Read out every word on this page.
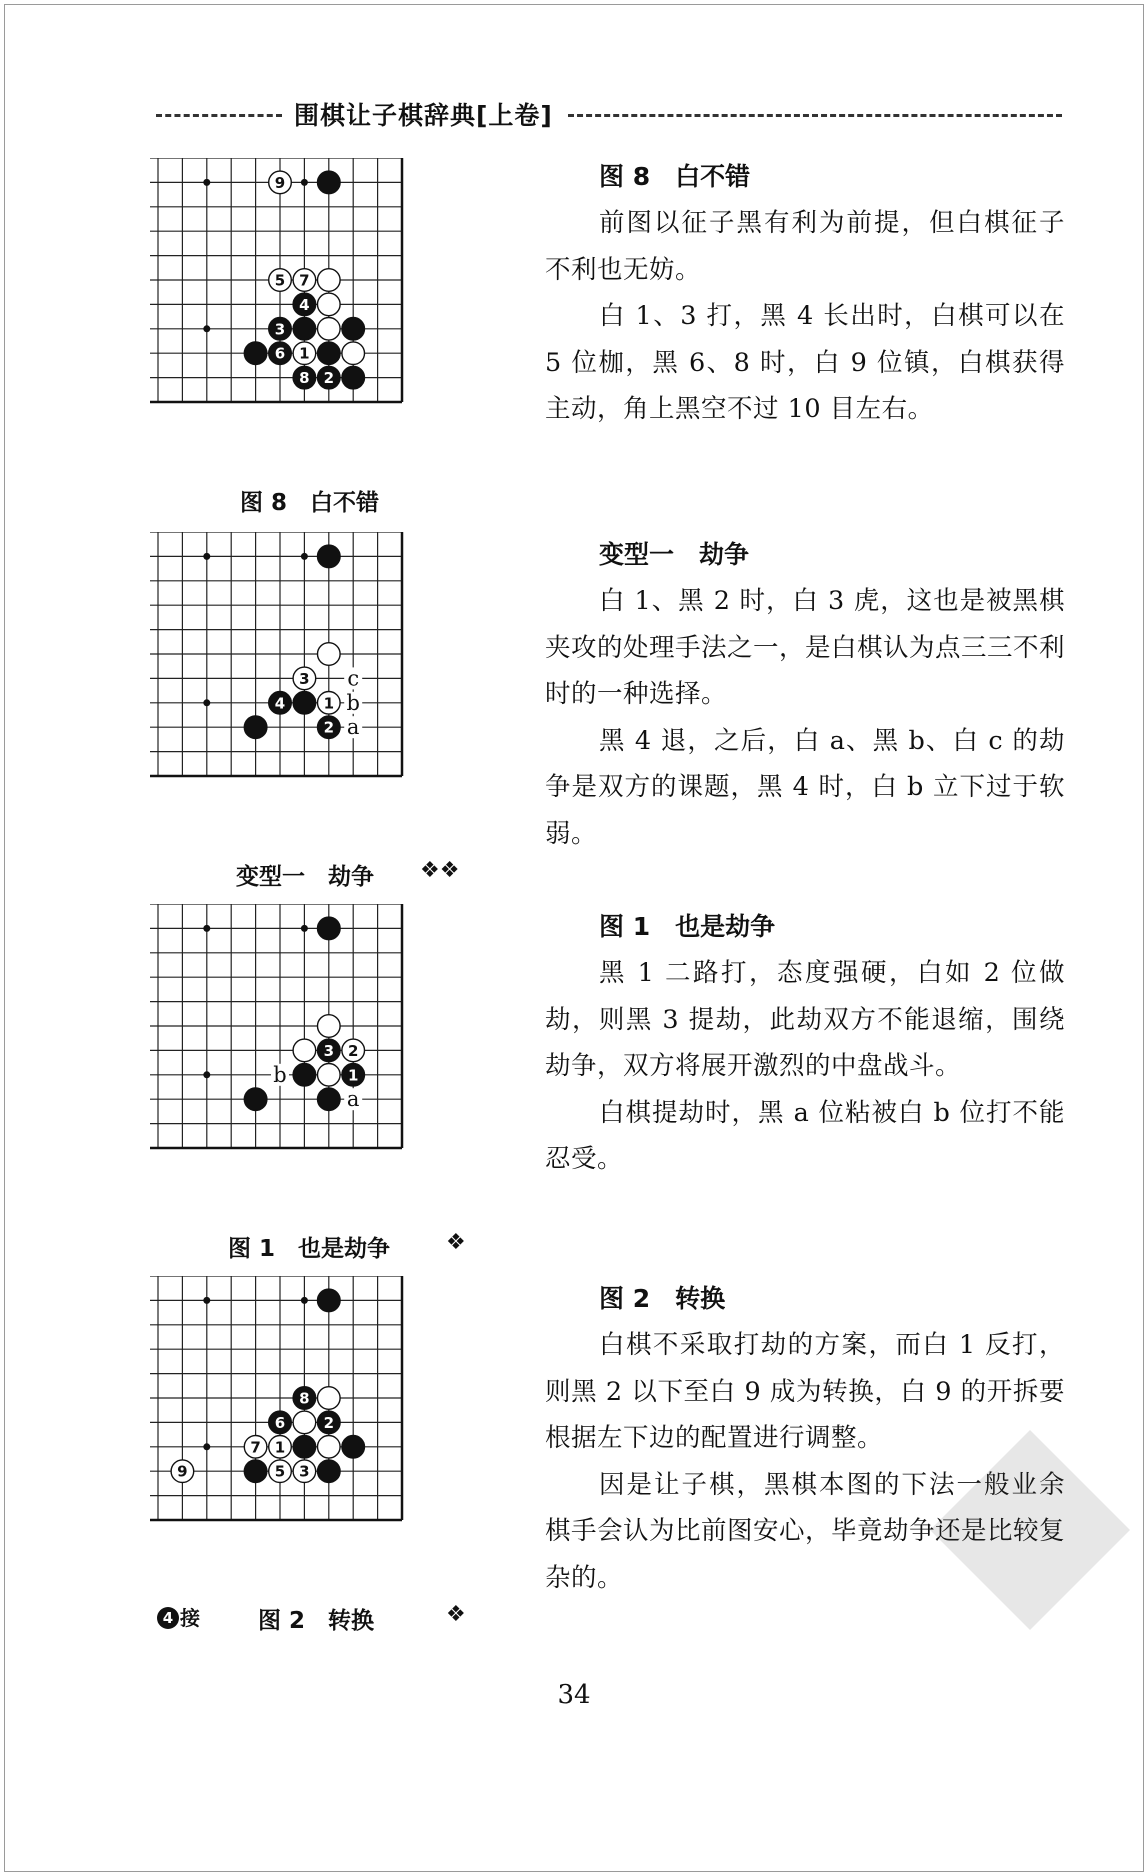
围棋让子棋辞典[上卷]
9
5 7
4
3
6 1
8 2
图 8　白不错
图 8　白不错

前图以征子黑有利为前提，但白棋征子不利也无妨。

白 1、3 打，黑 4 长出时，白棋可以在 5 位枷，黑 6、8 时，白 9 位镇，白棋获得主动，角上黑空不过 10 目左右。

3
4	1
2
c
b
a
变型一　劫争 ❖❖
变型一　劫争

白 1、黑 2 时，白 3 虎，这也是被黑棋夹攻的处理手法之一，是白棋认为点三三不利时的一种选择。

黑 4 退，之后，白 a、黑 b、白 c 的劫争是双方的课题，黑 4 时，白 b 立下过于软弱。

3 2
1
b
a
图 1　也是劫争	❖
图 1　也是劫争

黑 1 二路打，态度强硬，白如 2 位做劫，则黑 3 提劫，此劫双方不能退缩，围绕劫争，双方将展开激烈的中盘战斗。

白棋提劫时，黑 a 位粘被白 b 位打不能忍受。

8
6	2
7 1
9	5 3
4 接	图 2　转换	❖
图 2　转换

白棋不采取打劫的方案，而白 1 反打，则黑 2 以下至白 9 成为转换，白 9 的开拆要根据左下边的配置进行调整。

因是让子棋，黑棋本图的下法一般业余棋手会认为比前图安心，毕竟劫争还是比较复杂的。

34
